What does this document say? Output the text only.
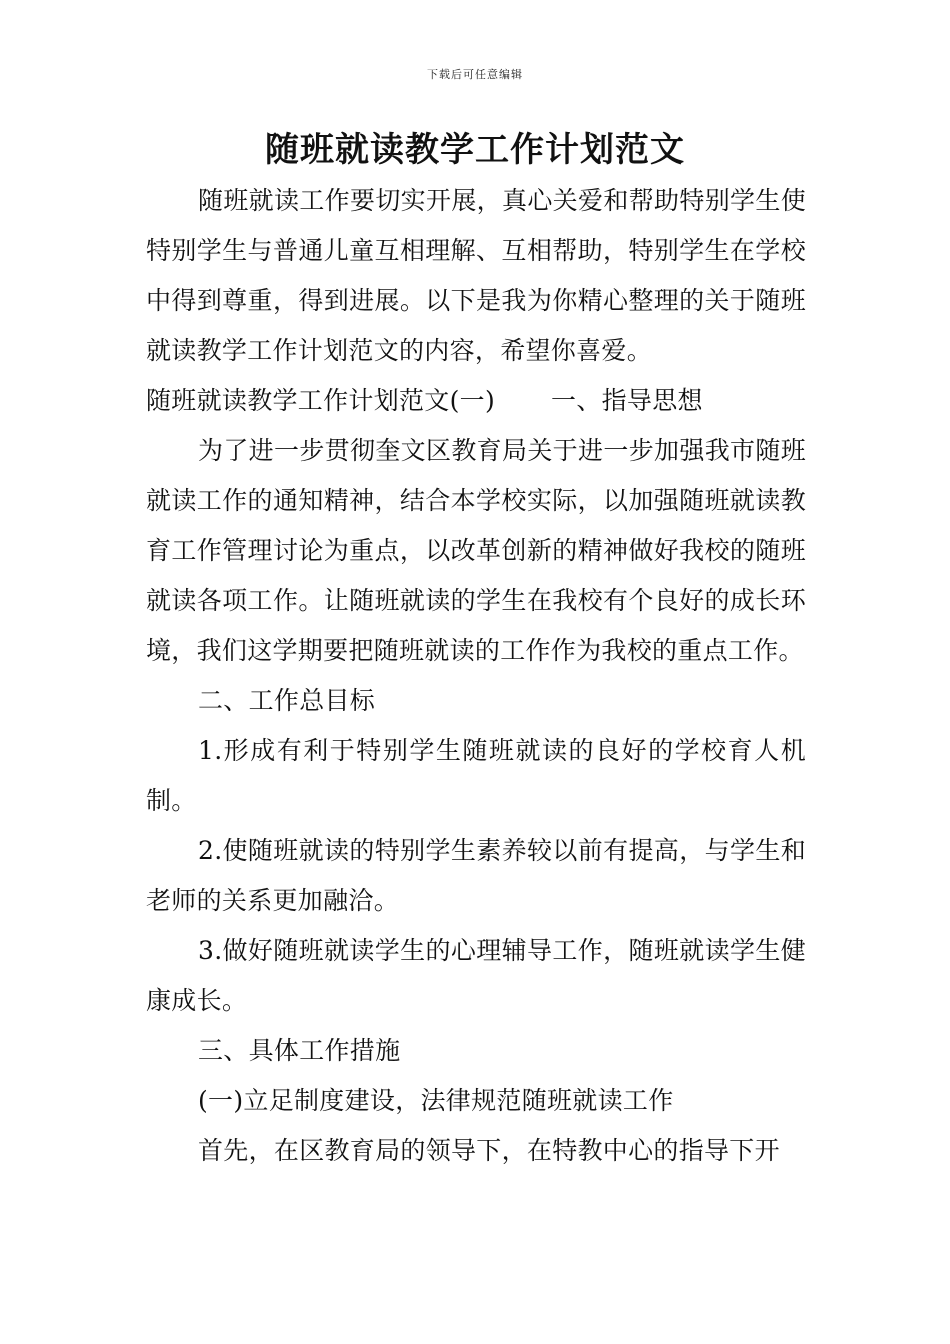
下载后可任意编辑
随班就读教学工作计划范文

随班就读工作要切实开展，真心关爱和帮助特别学生使特别学生与普通儿童互相理解、互相帮助，特别学生在学校中得到尊重，得到进展。以下是我为你精心整理的关于随班就读教学工作计划范文的内容，希望你喜爱。

随班就读教学工作计划范文(一) 一、指导思想

为了进一步贯彻奎文区教育局关于进一步加强我市随班就读工作的通知精神，结合本学校实际，以加强随班就读教育工作管理讨论为重点，以改革创新的精神做好我校的随班就读各项工作。让随班就读的学生在我校有个良好的成长环境，我们这学期要把随班就读的工作作为我校的重点工作。

二、工作总目标

1.形成有利于特别学生随班就读的良好的学校育人机制。

2.使随班就读的特别学生素养较以前有提高，与学生和老师的关系更加融洽。

3.做好随班就读学生的心理辅导工作，随班就读学生健康成长。

三、具体工作措施

(一)立足制度建设，法律规范随班就读工作

首先，在区教育局的领导下，在特教中心的指导下开
